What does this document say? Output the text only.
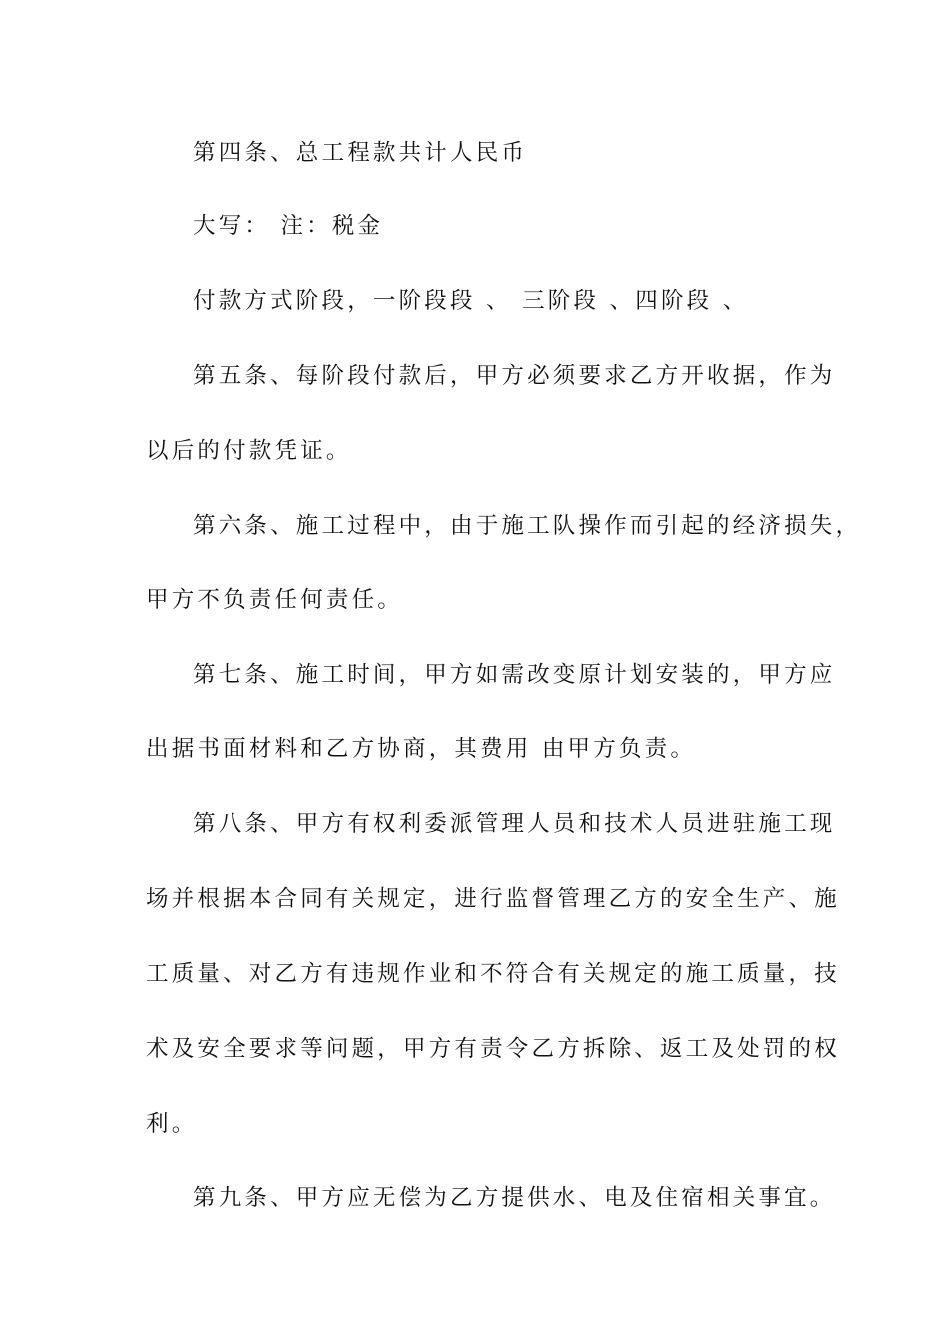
第四条、总工程款共计人民币
大写： 注：税金
付款方式阶段，一阶段段 、 三阶段 、四阶段 、
第五条、每阶段付款后，甲方必须要求乙方开收据，作为
以后的付款凭证。
第六条、施工过程中，由于施工队操作而引起的经济损失，
甲方不负责任何责任。
第七条、施工时间，甲方如需改变原计划安装的，甲方应
出据书面材料和乙方协商，其费用 由甲方负责。
第八条、甲方有权利委派管理人员和技术人员进驻施工现
场并根据本合同有关规定，进行监督管理乙方的安全生产、施
工质量、对乙方有违规作业和不符合有关规定的施工质量，技
术及安全要求等问题，甲方有责令乙方拆除、返工及处罚的权
利。
第九条、甲方应无偿为乙方提供水、电及住宿相关事宜。
